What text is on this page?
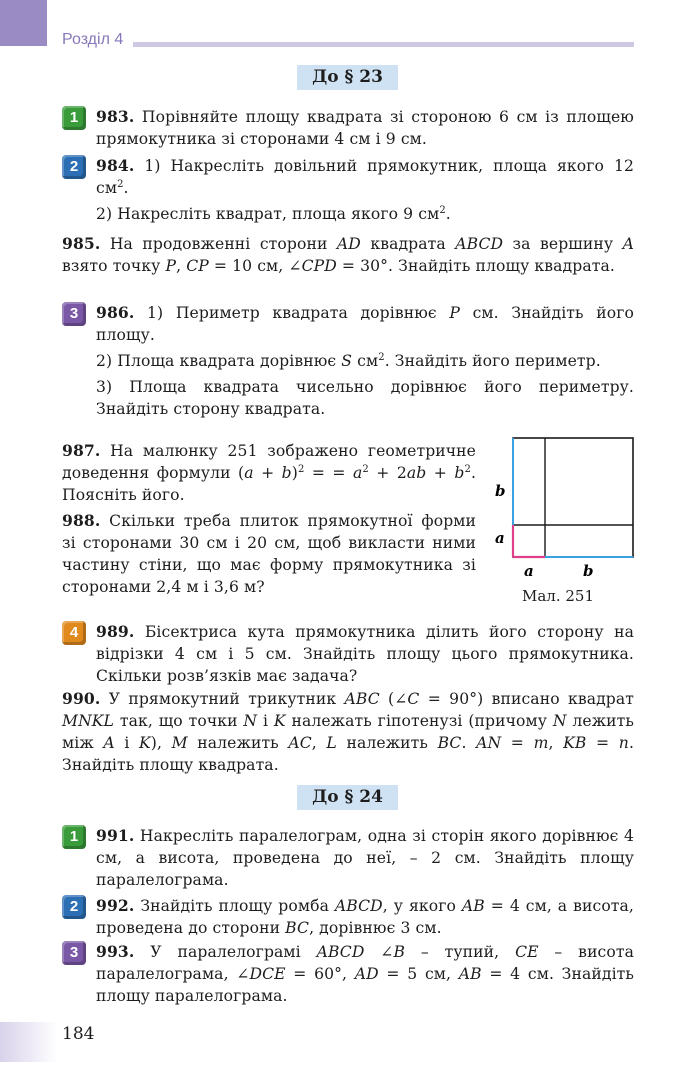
Розділ 4
До § 23
1	983. Порівняйте площу квадрата зі стороною 6 см із площею прямокутника зі сторонами 4 см і 9 см.

2	984. 1) Накресліть довільний прямокутник, площа якого 12 $см^2$.

2) Накресліть квадрат, площа якого 9 $см^2$.

985. На продовженні сторони AD квадрата ABCD за вершину A взято точку P, CP = 10 см, ∠CPD = 30°. Знайдіть площу квадрата.

3	986. 1) Периметр квадрата дорівнює P см. Знайдіть його площу.

2) Площа квадрата дорівнює S $см^2$. Знайдіть його периметр.

3) Площа квадрата чисельно дорівнює його периметру. Знайдіть сторону квадрата.

987. На малюнку 251 зображено геометричне доведення формули $(a + b)^2$ = = $a^2 + 2ab + b^2$. Поясніть його.

988. Скільки треба плиток прямокутної форми зі сторонами 30 см і 20 см, щоб викласти ними частину стіни, що має форму прямокутника зі сторонами 2,4 м і 3,6 м?

b
a
a	b
Мал. 251
4	989. Бісектриса кута прямокутника ділить його сторону на відрізки 4 см і 5 см. Знайдіть площу цього прямокутника. Скільки розв’язків має задача?

990. У прямокутний трикутник ABC (∠C = 90°) вписано квадрат MNKL так, що точки N і K належать гіпотенузі (причому N лежить між A і K), M належить AC, L належить BC. AN = m, KB = n. Знайдіть площу квадрата.

До § 24
1	991. Накресліть паралелограм, одна зі сторін якого дорівнює 4 см, а висота, проведена до неї, – 2 см. Знайдіть площу паралелограма.

2	992. Знайдіть площу ромба ABCD, у якого AB = 4 см, а висота, проведена до сторони BC, дорівнює 3 см.

3	993. У паралелограмі ABCD ∠B – тупий, CE – висота паралелограма, ∠DCE = 60°, AD = 5 см, AB = 4 см. Знайдіть площу паралелограма.

184
